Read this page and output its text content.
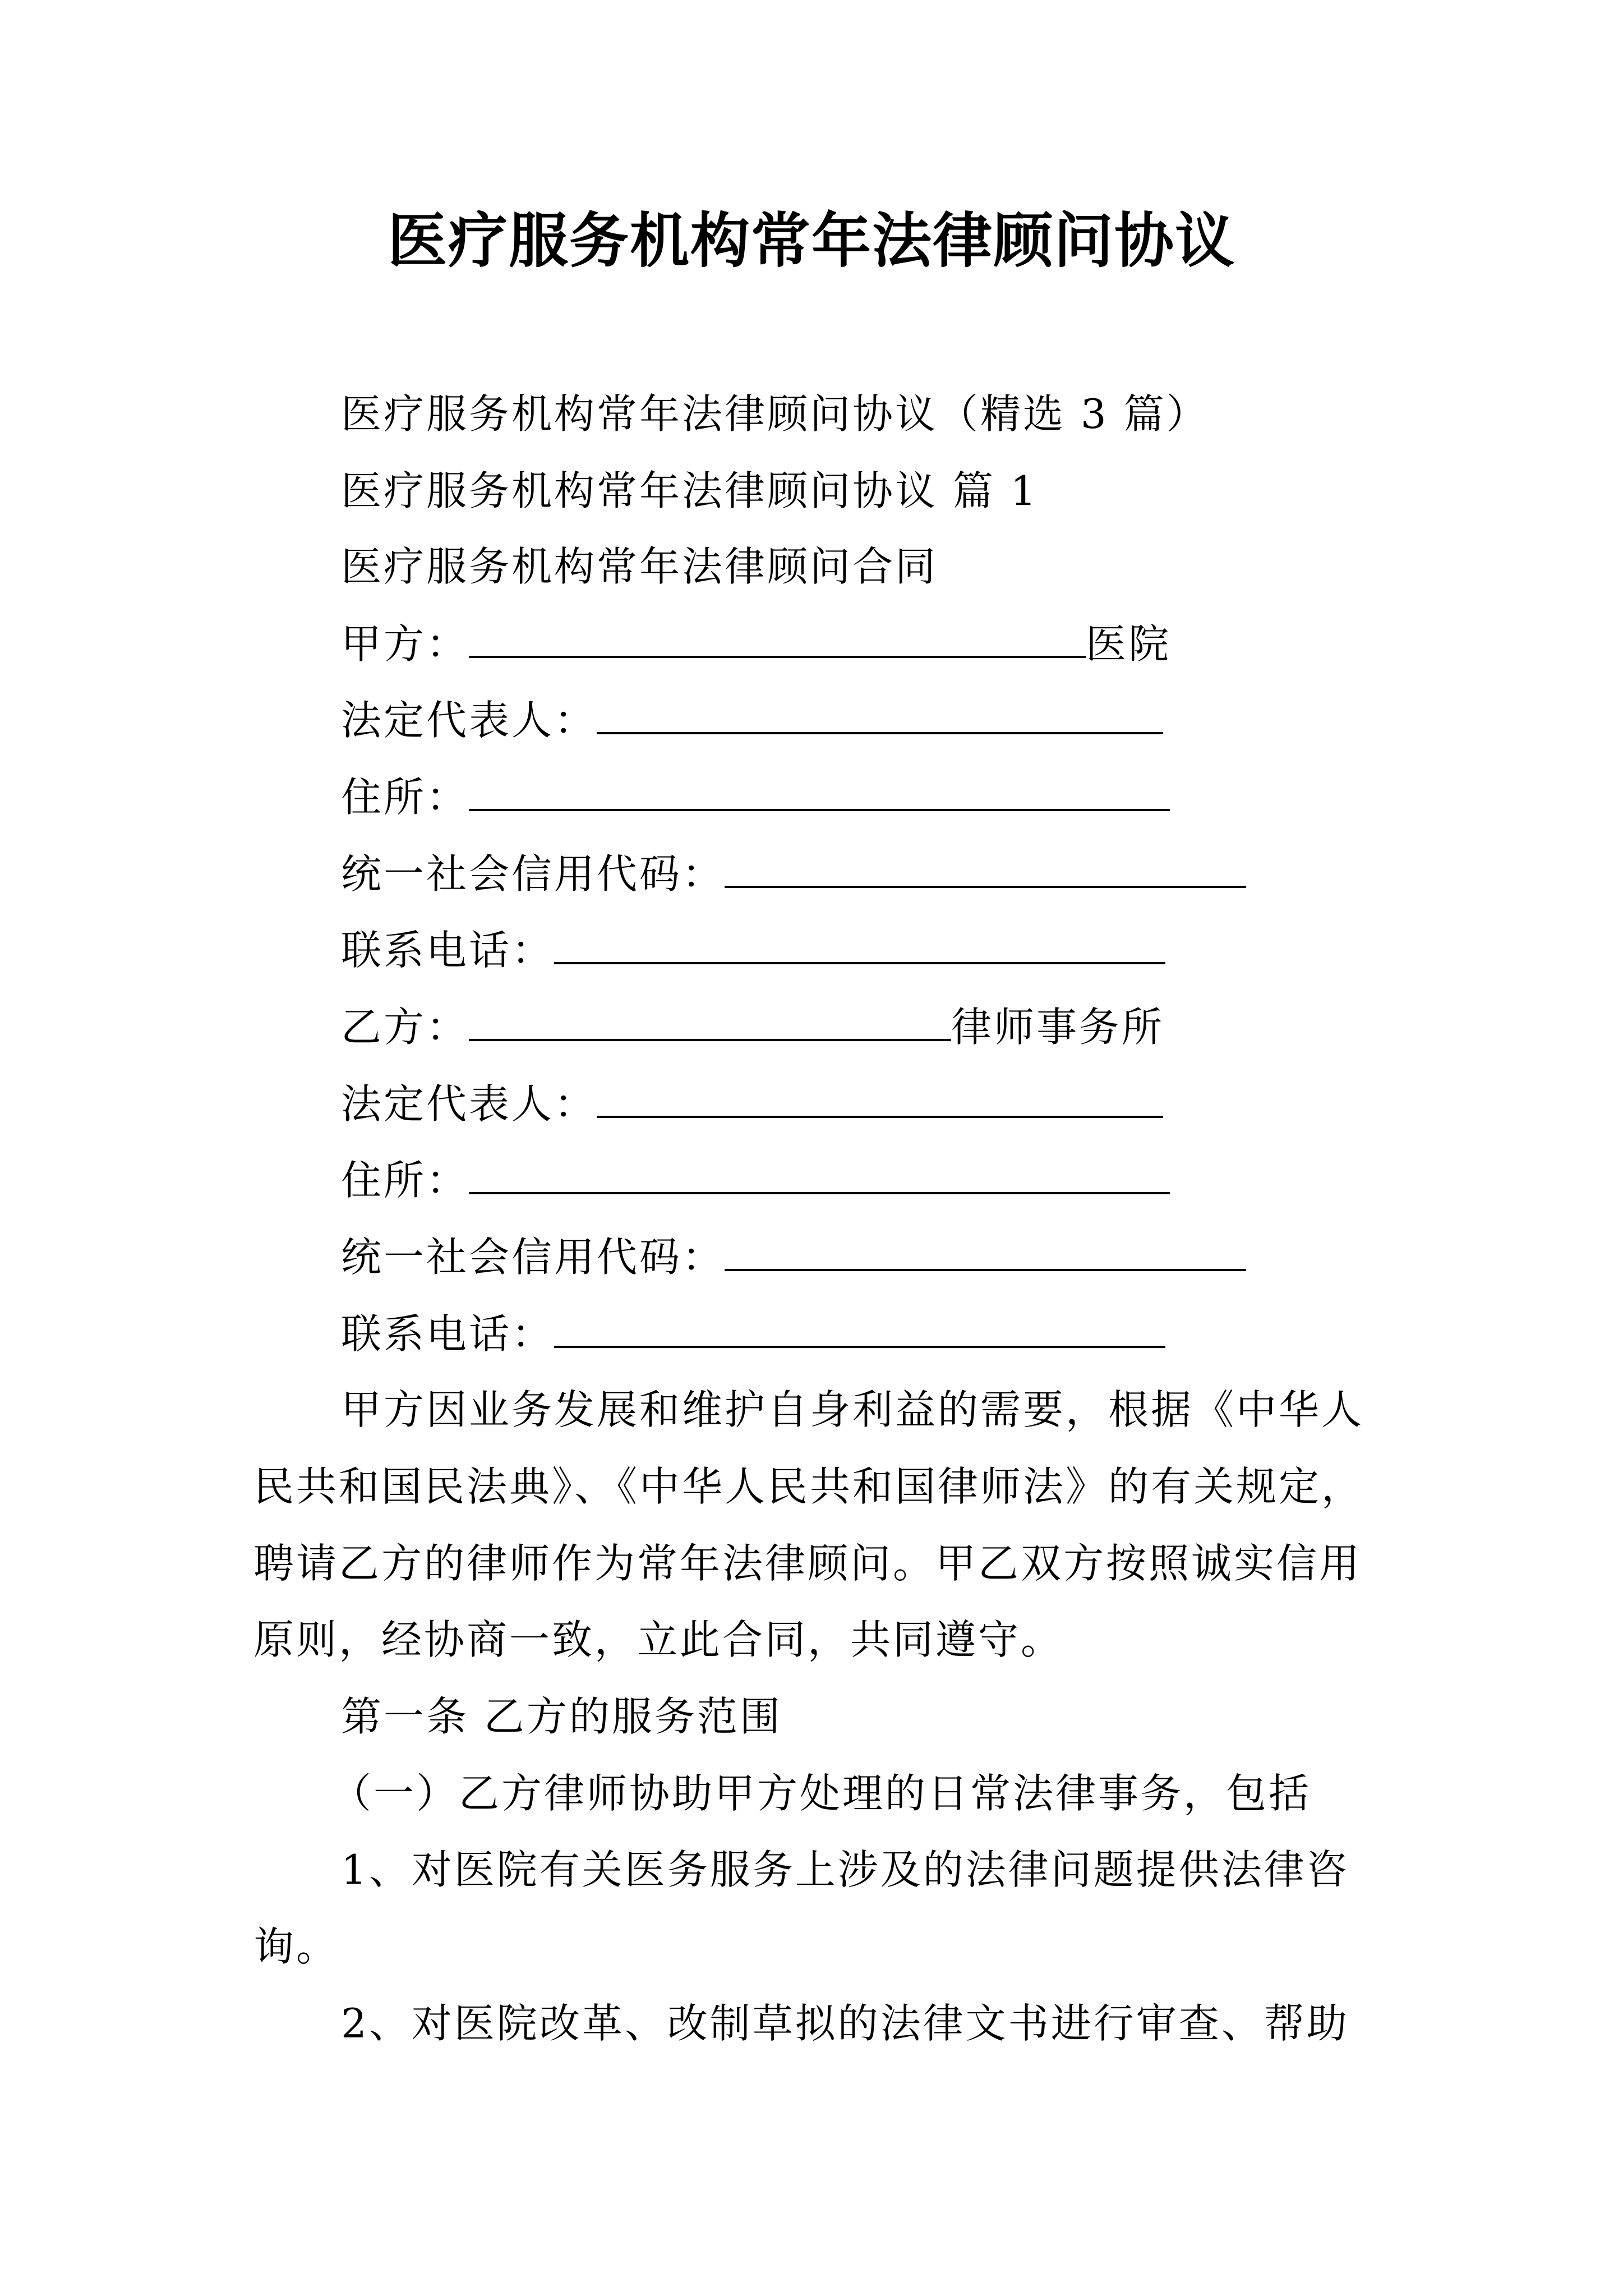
医疗服务机构常年法律顾问协议

医疗服务机构常年法律顾问协议（精选 3 篇）

医疗服务机构常年法律顾问协议 篇 1

医疗服务机构常年法律顾问合同

甲方：	医院
法定代表人：
住所：
统一社会信用代码：
联系电话：
乙方：	律师事务所
法定代表人：
住所：
统一社会信用代码：
联系电话：

甲方因业务发展和维护自身利益的需要，根据《中华人

民共和国民法典》、《中华人民共和国律师法》的有关规定，

聘请乙方的律师作为常年法律顾问。甲乙双方按照诚实信用

原则，经协商一致，立此合同，共同遵守。

第一条 乙方的服务范围

（一）乙方律师协助甲方处理的日常法律事务，包括

1、对医院有关医务服务上涉及的法律问题提供法律咨

询。

2、对医院改革、改制草拟的法律文书进行审查、帮助
